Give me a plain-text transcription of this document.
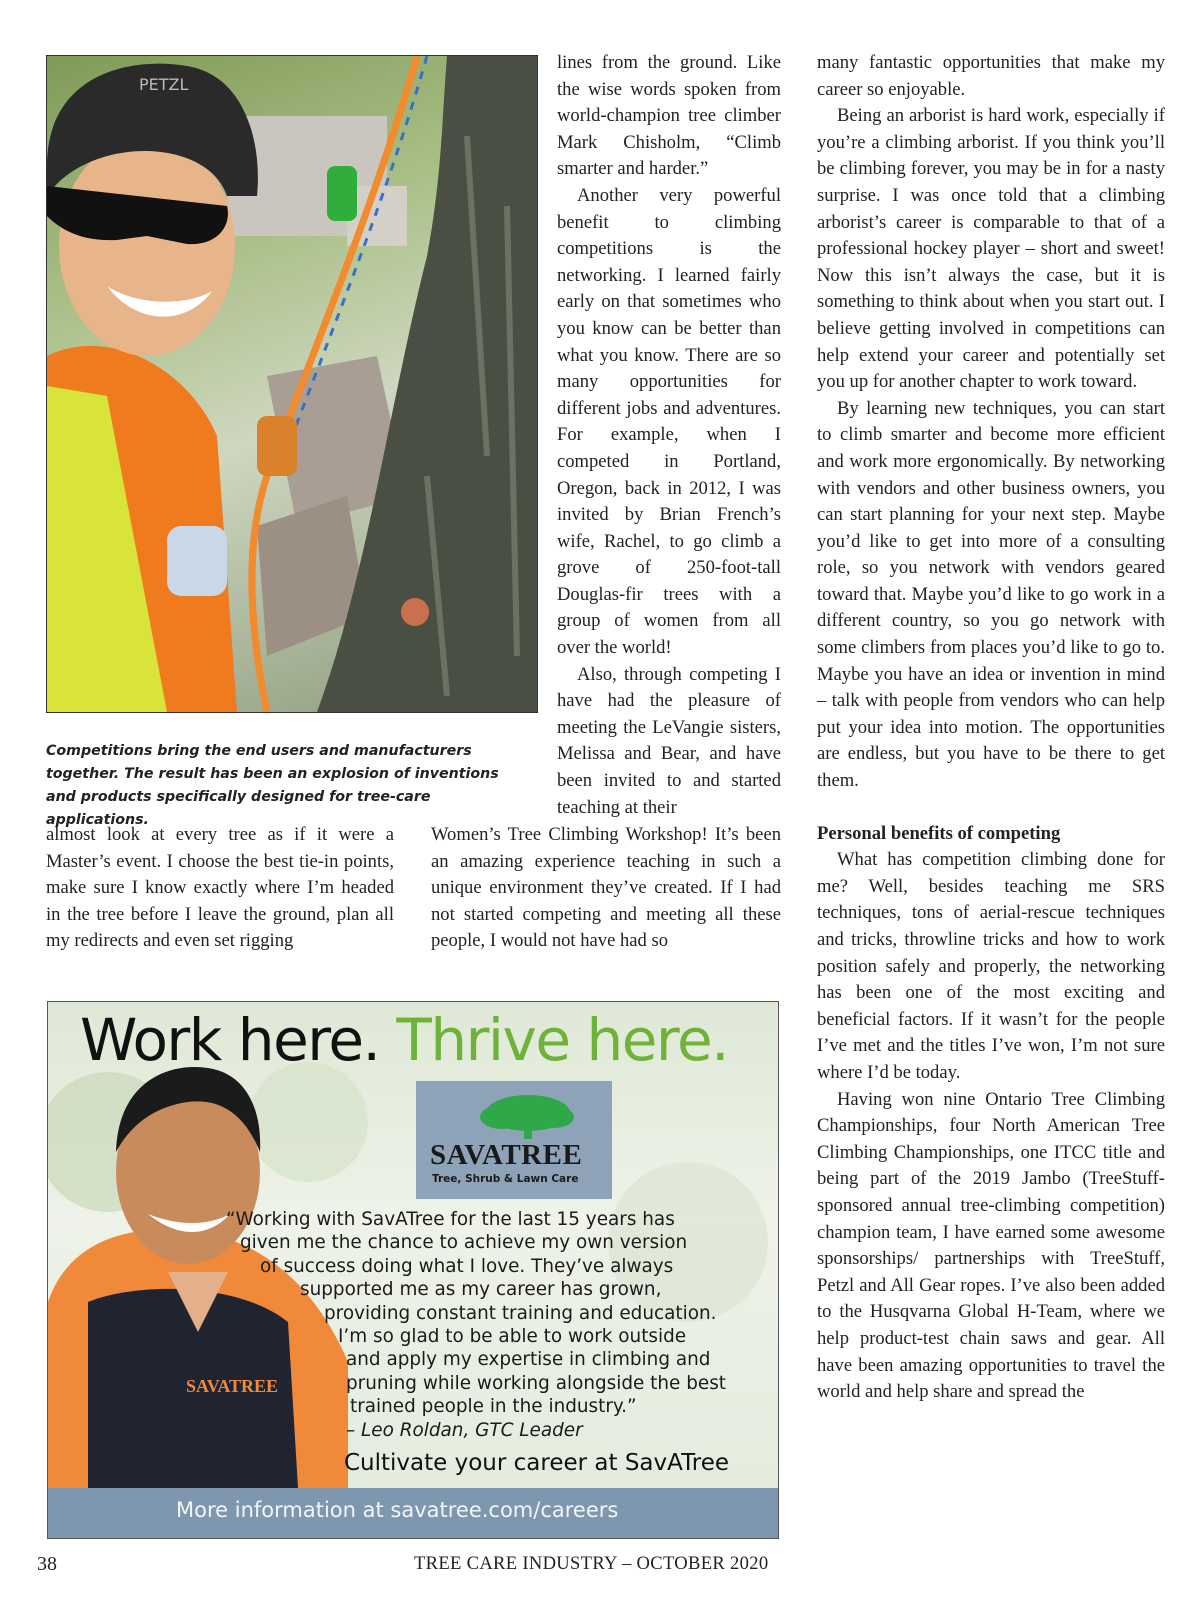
PETZL
Competitions bring the end users and manufacturers together. The result has been an explosion of inventions and products specifically designed for tree-care applications.

lines from the ground. Like the wise words spoken from world-champion tree climber Mark Chisholm, “Climb smarter and harder.”

Another very powerful benefit to climbing competitions is the networking. I learned fairly early on that sometimes who you know can be better than what you know. There are so many opportunities for different jobs and adventures. For example, when I competed in Portland, Oregon, back in 2012, I was invited by Brian French’s wife, Rachel, to go climb a grove of 250-foot-tall Douglas-fir trees with a group of women from all over the world!

Also, through competing I have had the pleasure of meeting the LeVangie sisters, Melissa and Bear, and have been invited to and started teaching at their

almost look at every tree as if it were a Master’s event. I choose the best tie-in points, make sure I know exactly where I’m headed in the tree before I leave the ground, plan all my redirects and even set rigging

Women’s Tree Climbing Workshop! It’s been an amazing experience teaching in such a unique environment they’ve created. If I had not started competing and meeting all these people, I would not have had so

many fantastic opportunities that make my career so enjoyable.

Being an arborist is hard work, especially if you’re a climbing arborist. If you think you’ll be climbing forever, you may be in for a nasty surprise. I was once told that a climbing arborist’s career is comparable to that of a professional hockey player – short and sweet! Now this isn’t always the case, but it is something to think about when you start out. I believe getting involved in competitions can help extend your career and potentially set you up for another chapter to work toward.

By learning new techniques, you can start to climb smarter and become more efficient and work more ergonomically. By networking with vendors and other business owners, you can start planning for your next step. Maybe you’d like to get into more of a consulting role, so you network with vendors geared toward that. Maybe you’d like to go work in a different country, so you go network with some climbers from places you’d like to go to. Maybe you have an idea or invention in mind – talk with people from vendors who can help put your idea into motion. The opportunities are endless, but you have to be there to get them.

Personal benefits of competing

What has competition climbing done for me? Well, besides teaching me SRS techniques, tons of aerial-rescue techniques and tricks, throwline tricks and how to work position safely and properly, the networking has been one of the most exciting and beneficial factors. If it wasn’t for the people I’ve met and the titles I’ve won, I’m not sure where I’d be today.

Having won nine Ontario Tree Climbing Championships, four North American Tree Climbing Championships, one ITCC title and being part of the 2019 Jambo (TreeStuff-sponsored annual tree-climbing competition) champion team, I have earned some awesome sponsorships/ partnerships with TreeStuff, Petzl and All Gear ropes. I’ve also been added to the Husqvarna Global H-Team, where we help product-test chain saws and gear. All have been amazing opportunities to travel the world and help share and spread the

SAVATREE
Work here. Thrive here.
SAVATREE
Tree, Shrub & Lawn Care
“Working with SavATree for the last 15 years has
given me the chance to achieve my own version
of success doing what I love. They’ve always
supported me as my career has grown,
providing constant training and education.
I’m so glad to be able to work outside
and apply my expertise in climbing and
pruning while working alongside the best
trained people in the industry.”
– Leo Roldan, GTC Leader
Cultivate your career at SavATree
More information at savatree.com/careers
38	TREE CARE INDUSTRY – OCTOBER 2020
